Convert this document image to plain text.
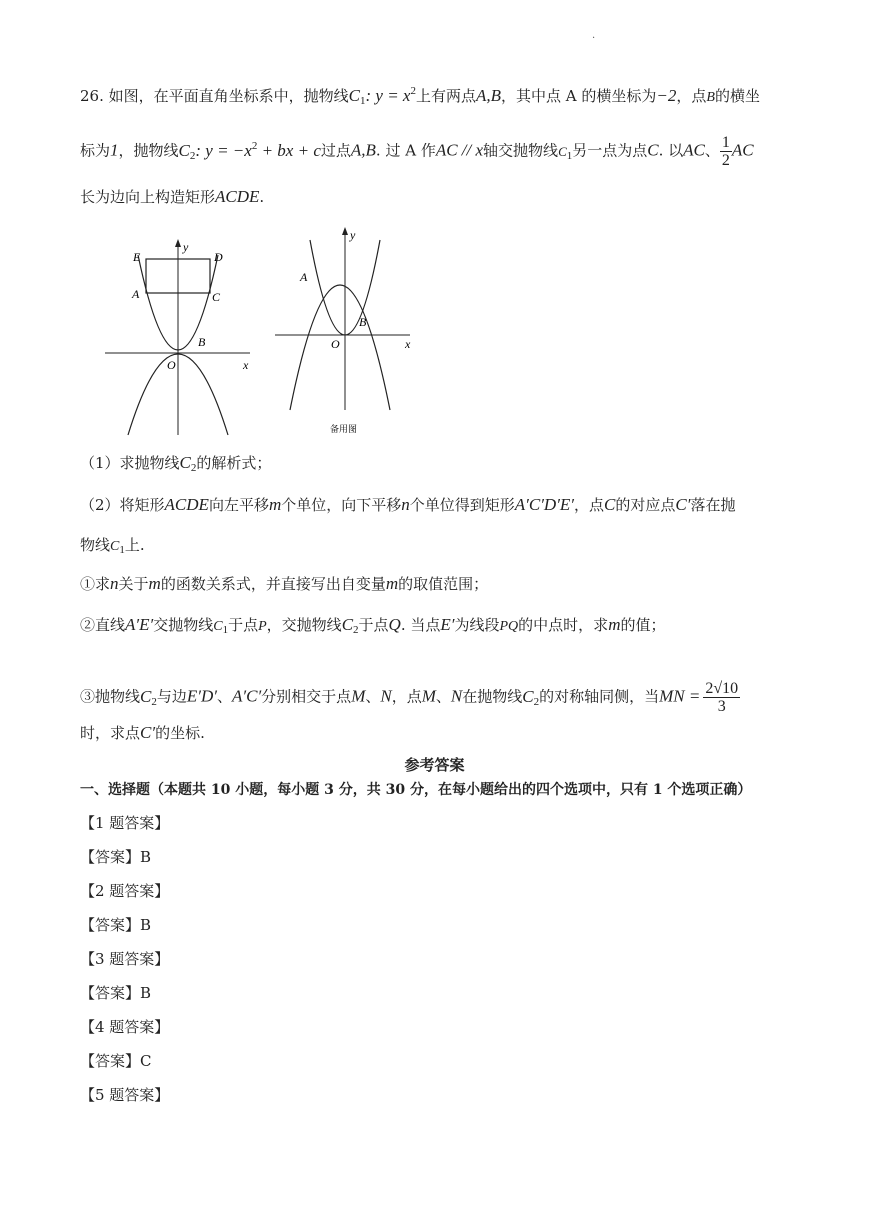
.
26. 如图，在平面直角坐标系中，抛物线$C_1$: $y = x^2$上有两点A,B，其中点 A 的横坐标为−2，点B的横坐
标为1，抛物线$C_2$: $y = -x^2$ + bx + c过点A,B. 过 A 作AC // x轴交抛物线$C_1$另一点为点C. 以AC、 $\frac{1}{2}$ AC
长为边向上构造矩形ACDE.
E	D
A	C
B
O	x
y
A
B
O	x
y
备用图
（1）求抛物线$C_2$的解析式；
（2）将矩形ACDE向左平移m个单位，向下平移n个单位得到矩形A′C′D′E′，点C的对应点C′落在抛
物线$C_1$上.
①求n关于m的函数关系式，并直接写出自变量m的取值范围；
②直线A′E′交抛物线$C_1$于点P，交抛物线$C_2$于点Q. 当点E′为线段PQ的中点时，求m的值；
③抛物线$C_2$与边E′D′、A′C′分别相交于点M、N，点M、N在抛物线$C_2$的对称轴同侧，当MN = $\frac{2√10}{3}$
时，求点C′的坐标.
参考答案
一、选择题（本题共 10 小题，每小题 3 分，共 30 分，在每小题给出的四个选项中，只有 1 个选项正确）
【1 题答案】
【答案】B
【2 题答案】
【答案】B
【3 题答案】
【答案】B
【4 题答案】
【答案】C
【5 题答案】
